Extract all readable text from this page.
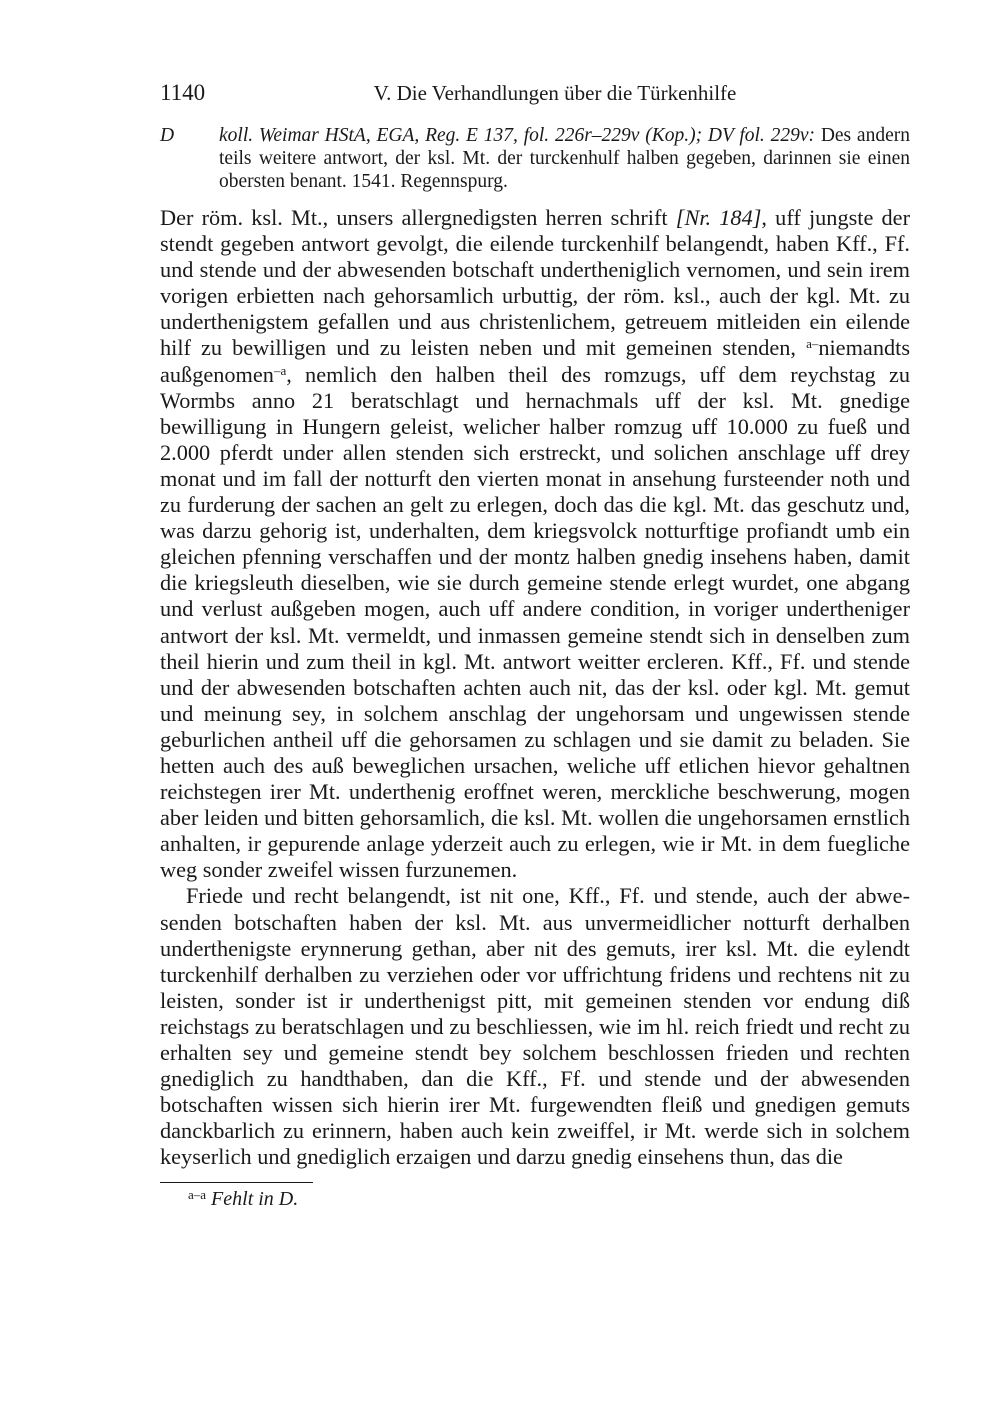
1140	V. Die Verhandlungen über die Türkenhilfe
D koll. Weimar HStA, EGA, Reg. E 137, fol. 226r–229v (Kop.); DV fol. 229v: Des andern teils weitere antwort, der ksl. Mt. der turckenhulf halben gegeben, darinnen sie einen obersten benant. 1541. Regennspurg.

Der röm. ksl. Mt., unsers allergnedigsten herren schrift [Nr. 184], uff jungste der stendt gegeben antwort gevolgt, die eilende turckenhilf belangendt, haben Kff., Ff. und stende und der abwesenden botschaft undertheniglich vernomen, und sein irem vorigen erbietten nach gehorsamlich urbuttig, der röm. ksl., auch der kgl. Mt. zu underthenigstem gefallen und aus christenlichem, getreuem mitleiden ein eilende hilf zu bewilligen und zu leisten neben und mit gemeinen stenden, $^{a-}$niemandts außgenomen$^{-a}$, nemlich den halben theil des romzugs, uff dem reychstag zu Wormbs anno 21 beratschlagt und hernachmals uff der ksl. Mt. gnedige bewilligung in Hungern geleist, welicher halber romzug uff 10.000 zu fueß und 2.000 pferdt under allen stenden sich erstreckt, und solichen anschlage uff drey monat und im fall der notturft den vierten monat in ansehung fursteender noth und zu furderung der sachen an gelt zu erlegen, doch das die kgl. Mt. das geschutz und, was darzu gehorig ist, underhalten, dem kriegsvolck notturftige profiandt umb ein gleichen pfenning verschaffen und der montz halben gnedig insehens haben, damit die kriegsleuth dieselben, wie sie durch gemeine stende erlegt wurdet, one abgang und verlust außgeben mogen, auch uff andere condition, in voriger undertheniger antwort der ksl. Mt. vermeldt, und inmassen gemeine stendt sich in denselben zum theil hierin und zum theil in kgl. Mt. antwort weitter ercleren. Kff., Ff. und stende und der abwesenden botschaften achten auch nit, das der ksl. oder kgl. Mt. gemut und meinung sey, in solchem anschlag der ungehorsam und ungewissen stende geburlichen antheil uff die gehorsamen zu schlagen und sie damit zu beladen. Sie hetten auch des auß beweglichen ursachen, weliche uff etlichen hievor gehaltnen reichstegen irer Mt. underthenig eroffnet weren, merckliche beschwerung, mogen aber leiden und bitten gehorsamlich, die ksl. Mt. wollen die ungehorsamen ernstlich anhalten, ir gepurende anlage yderzeit auch zu erlegen, wie ir Mt. in dem fuegliche weg sonder zweifel wissen furzunemen.

Friede und recht belangendt, ist nit one, Kff., Ff. und stende, auch der abwesenden botschaften haben der ksl. Mt. aus unvermeidlicher notturft derhalben underthenigste erynnerung gethan, aber nit des gemuts, irer ksl. Mt. die eylendt turckenhilf derhalben zu verziehen oder vor uffrichtung fridens und rechtens nit zu leisten, sonder ist ir underthenigst pitt, mit gemeinen stenden vor endung diß reichstags zu beratschlagen und zu beschliessen, wie im hl. reich friedt und recht zu erhalten sey und gemeine stendt bey solchem beschlossen frieden und rechten gnediglich zu handthaben, dan die Kff., Ff. und stende und der abwesenden botschaften wissen sich hierin irer Mt. furgewendten fleiß und gnedigen gemuts danckbarlich zu erinnern, haben auch kein zweiffel, ir Mt. werde sich in solchem keyserlich und gnediglich erzaigen und darzu gnedig einsehens thun, das die

$^{a-a}$ Fehlt in D.
